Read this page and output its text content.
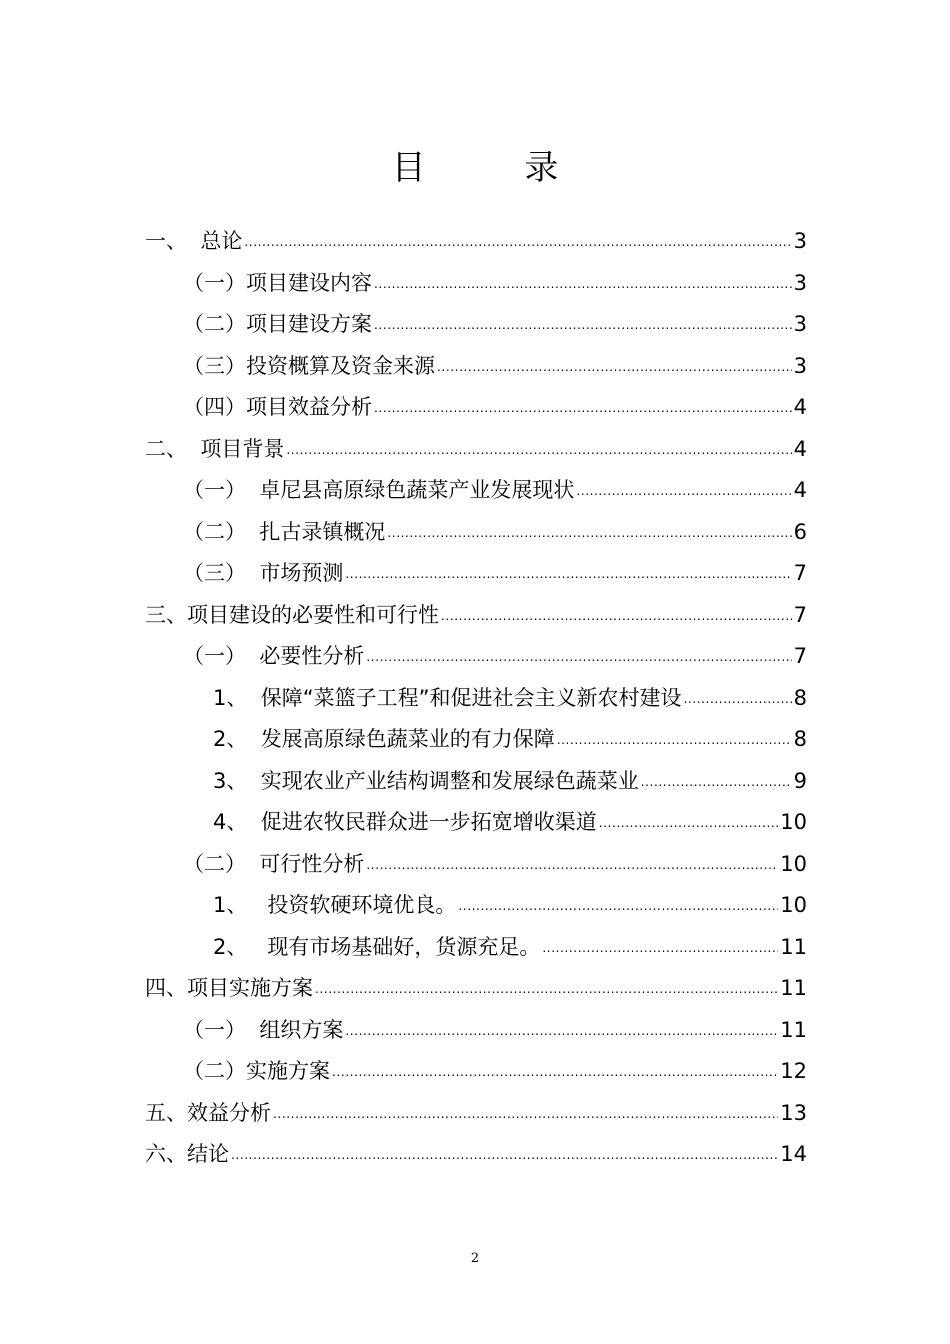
目 录
一、  总论 .....	3
（一）项目建设内容 .....	3
（二）项目建设方案 .....	3
（三）投资概算及资金来源 .....	3
（四）项目效益分析 .....	4
二、  项目背景 .....	4
（一）  卓尼县高原绿色蔬菜产业发展现状 .....	4
（二）  扎古录镇概况 .....	6
（三）  市场预测 .....	7
三、项目建设的必要性和可行性 .....	7
（一）  必要性分析 .....	7
1、  保障“菜篮子工程”和促进社会主义新农村建设 .....	8
2、  发展高原绿色蔬菜业的有力保障 .....	8
3、  实现农业产业结构调整和发展绿色蔬菜业 .....	9
4、  促进农牧民群众进一步拓宽增收渠道 .....	10
（二）  可行性分析 .....	10
1、   投资软硬环境优良。 .....	10
2、   现有市场基础好，货源充足。 .....	11
四、项目实施方案 .....	11
（一）  组织方案 .....	11
（二）实施方案 .....	12
五、效益分析 .....	13
六、结论 .....	14
2
